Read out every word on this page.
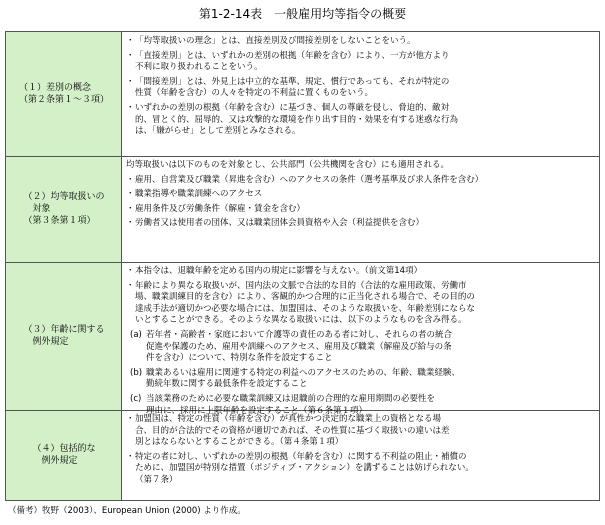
第1-2-14表　一般雇用均等指令の概要
（１）差別の概念
（第２条第１～３項）
・ 「均等取扱いの理念」とは、直接差別及び間接差別をしないことをいう。
・ 「直接差別」とは、いずれかの差別の根拠（年齢を含む）により、一方が他方より
不利に取り扱われることをいう。
・ 「間接差別」とは、外見上は中立的な基準、規定、慣行であっても、それが特定の
性質（年齢を含む）の人々を特定の不利益に置くものをいう。
・ いずれかの差別の根拠（年齢を含む）に基づき、個人の尊厳を侵し、脅迫的、敵対
的、冒とく的、屈辱的、又は攻撃的な環境を作り出す目的・効果を有する迷惑な行為
は、「嫌がらせ」として差別とみなされる。
（２）均等取扱いの
　対象
（第３条第１項）
均等取扱いは以下のものを対象とし、公共部門（公共機関を含む）にも適用される。
・ 雇用、自営業及び職業（昇進を含む）へのアクセスの条件（選考基準及び求人条件を含む）
・ 職業指導や職業訓練へのアクセス
・ 雇用条件及び労働条件（解雇・賃金を含む）
・ 労働者又は使用者の団体、又は職業団体会員資格や入会（利益提供を含む）
（３）年齢に関する
　例外規定
・ 本指令は、退職年齢を定める国内の規定に影響を与えない。（前文第14項）
・ 年齢により異なる取扱いが、国内法の文脈で合法的な目的（合法的な雇用政策、労働市
場、職業訓練目的を含む）により、客観的かつ合理的に正当化される場合で、その目的の
達成手法が適切かつ必要な場合には、加盟国は、そのような取扱いを、年齢差別にならな
いとすることができる。そのような異なる取扱いには、以下のようなものを含み得る。
(a) 若年者・高齢者・家庭において介護等の責任のある者に対し、それらの者の統合
促進や保護のため、雇用や訓練へのアクセス、雇用及び職業（解雇及び給与の条
件を含む）について、特別な条件を設定すること
(b) 職業あるいは雇用に関連する特定の利益へのアクセスのための、年齢、職業経験、
勤続年数に関する最低条件を設定すること
(c) 当該業務のために必要な職業訓練又は退職前の合理的な雇用期間の必要性を
理由に、採用に上限年齢を設定すること（第６条第１項）
（４）包括的な
　例外規定
・ 加盟国は、特定の性質（年齢を含む）が真性かつ決定的な職業上の資格となる場
合、目的が合法的でその資格が適切であれば、その性質に基づく取扱いの違いは差
別とはならないとすることができる。（第４条第１項）
・ 特定の者に対し、いずれかの差別の根拠（年齢を含む）に関する不利益の阻止・補償の
ために、加盟国が特別な措置（ポジティブ・アクション）を講ずることは妨げられない。
（第７条）
（備考）牧野（2003）、European Union (2000) より作成。
